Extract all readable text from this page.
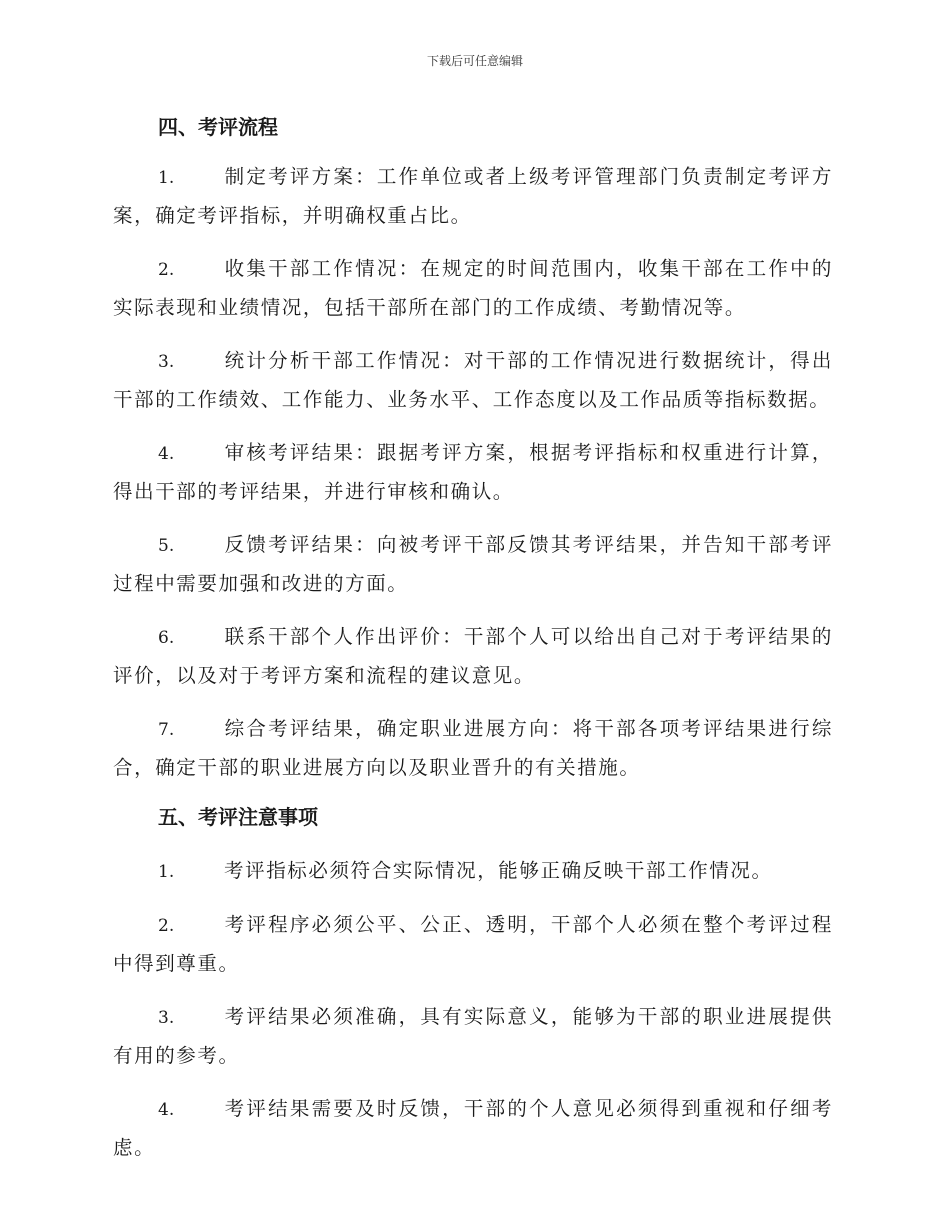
下载后可任意编辑
四、考评流程

1.	制定考评方案：工作单位或者上级考评管理部门负责制定考评方案，确定考评指标，并明确权重占比。

2.	收集干部工作情况：在规定的时间范围内，收集干部在工作中的实际表现和业绩情况，包括干部所在部门的工作成绩、考勤情况等。

3.	统计分析干部工作情况：对干部的工作情况进行数据统计，得出干部的工作绩效、工作能力、业务水平、工作态度以及工作品质等指标数据。

4.	审核考评结果：跟据考评方案，根据考评指标和权重进行计算，得出干部的考评结果，并进行审核和确认。

5.	反馈考评结果：向被考评干部反馈其考评结果，并告知干部考评过程中需要加强和改进的方面。

6.	联系干部个人作出评价：干部个人可以给出自己对于考评结果的评价，以及对于考评方案和流程的建议意见。

7.	综合考评结果，确定职业进展方向：将干部各项考评结果进行综合，确定干部的职业进展方向以及职业晋升的有关措施。

五、考评注意事项

1.	考评指标必须符合实际情况，能够正确反映干部工作情况。

2.	考评程序必须公平、公正、透明，干部个人必须在整个考评过程中得到尊重。

3.	考评结果必须准确，具有实际意义，能够为干部的职业进展提供有用的参考。

4.	考评结果需要及时反馈，干部的个人意见必须得到重视和仔细考虑。
